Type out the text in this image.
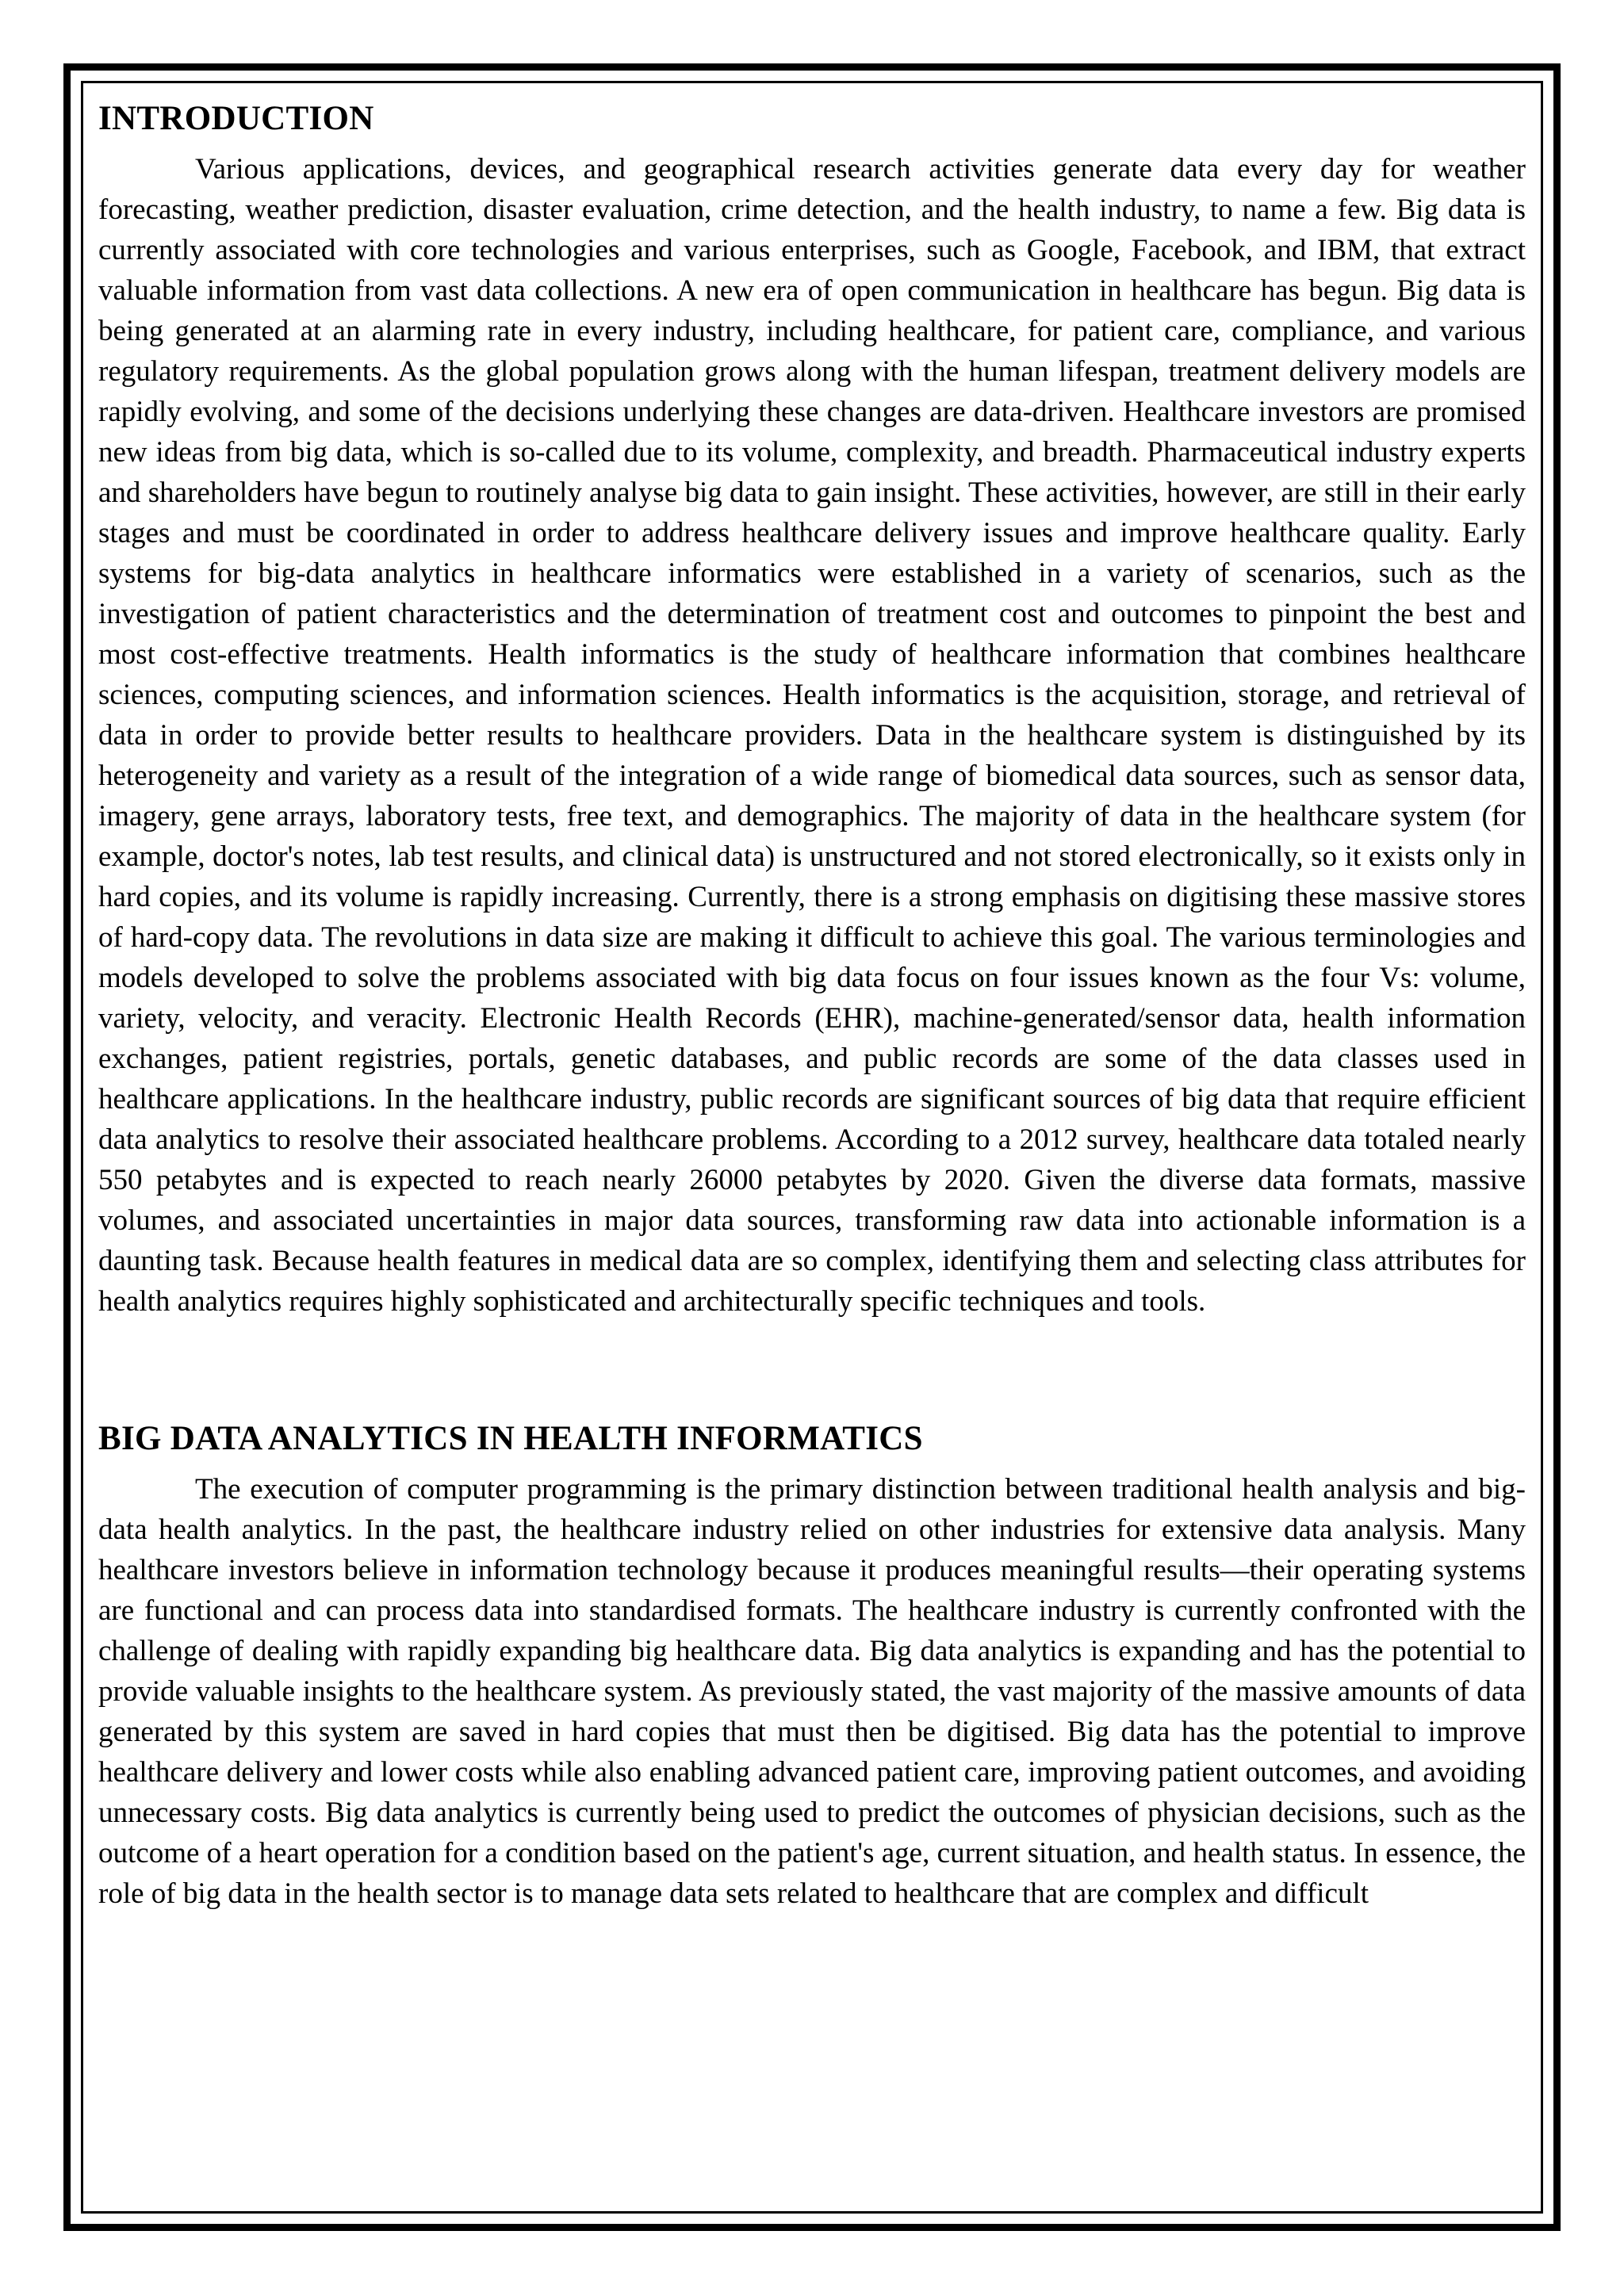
INTRODUCTION

Various applications, devices, and geographical research activities generate data every day for weather forecasting, weather prediction, disaster evaluation, crime detection, and the health industry, to name a few. Big data is currently associated with core technologies and various enterprises, such as Google, Facebook, and IBM, that extract valuable information from vast data collections. A new era of open communication in healthcare has begun. Big data is being generated at an alarming rate in every industry, including healthcare, for patient care, compliance, and various regulatory requirements. As the global population grows along with the human lifespan, treatment delivery models are rapidly evolving, and some of the decisions underlying these changes are data-driven. Healthcare investors are promised new ideas from big data, which is so-called due to its volume, complexity, and breadth. Pharmaceutical industry experts and shareholders have begun to routinely analyse big data to gain insight. These activities, however, are still in their early stages and must be coordinated in order to address healthcare delivery issues and improve healthcare quality. Early systems for big-data analytics in healthcare informatics were established in a variety of scenarios, such as the investigation of patient characteristics and the determination of treatment cost and outcomes to pinpoint the best and most cost-effective treatments. Health informatics is the study of healthcare information that combines healthcare sciences, computing sciences, and information sciences. Health informatics is the acquisition, storage, and retrieval of data in order to provide better results to healthcare providers. Data in the healthcare system is distinguished by its heterogeneity and variety as a result of the integration of a wide range of biomedical data sources, such as sensor data, imagery, gene arrays, laboratory tests, free text, and demographics. The majority of data in the healthcare system (for example, doctor's notes, lab test results, and clinical data) is unstructured and not stored electronically, so it exists only in hard copies, and its volume is rapidly increasing. Currently, there is a strong emphasis on digitising these massive stores of hard-copy data. The revolutions in data size are making it difficult to achieve this goal. The various terminologies and models developed to solve the problems associated with big data focus on four issues known as the four Vs: volume, variety, velocity, and veracity. Electronic Health Records (EHR), machine-generated/sensor data, health information exchanges, patient registries, portals, genetic databases, and public records are some of the data classes used in healthcare applications. In the healthcare industry, public records are significant sources of big data that require efficient data analytics to resolve their associated healthcare problems. According to a 2012 survey, healthcare data totaled nearly 550 petabytes and is expected to reach nearly 26000 petabytes by 2020. Given the diverse data formats, massive volumes, and associated uncertainties in major data sources, transforming raw data into actionable information is a daunting task. Because health features in medical data are so complex, identifying them and selecting class attributes for health analytics requires highly sophisticated and architecturally specific techniques and tools.

BIG DATA ANALYTICS IN HEALTH INFORMATICS

The execution of computer programming is the primary distinction between traditional health analysis and big-data health analytics. In the past, the healthcare industry relied on other industries for extensive data analysis. Many healthcare investors believe in information technology because it produces meaningful results—their operating systems are functional and can process data into standardised formats. The healthcare industry is currently confronted with the challenge of dealing with rapidly expanding big healthcare data. Big data analytics is expanding and has the potential to provide valuable insights to the healthcare system. As previously stated, the vast majority of the massive amounts of data generated by this system are saved in hard copies that must then be digitised. Big data has the potential to improve healthcare delivery and lower costs while also enabling advanced patient care, improving patient outcomes, and avoiding unnecessary costs. Big data analytics is currently being used to predict the outcomes of physician decisions, such as the outcome of a heart operation for a condition based on the patient's age, current situation, and health status. In essence, the role of big data in the health sector is to manage data sets related to healthcare that are complex and difficult
